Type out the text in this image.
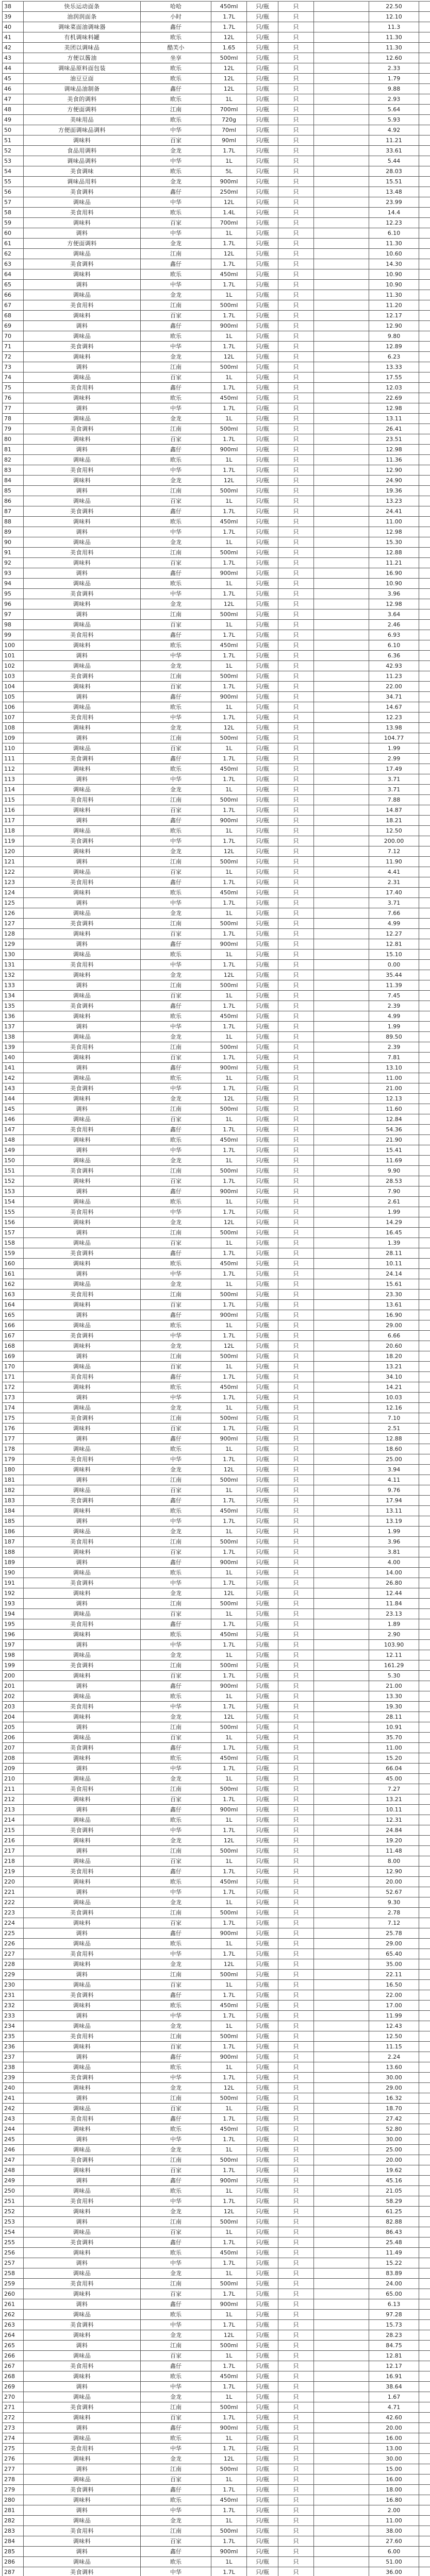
38	快乐运动面条	哈哈	450ml	只/瓶	只		22.50	
39	油润润面条	小时	1.7L	只/瓶	只		12.10	
40	调味菜面油调味器	鑫仔	1.7L	只/瓶	只		11.3	
41	有机调味料罐	欧乐	12L	只/瓶	只		11.30	
42	美团以调味品	酷芙小	1.65	只/瓶	只		11.30	
43	方便以酱油	坐享	500ml	只/瓶	只		12.60	
44	调味品原料面包装	欧乐	12L	只/瓶	只		2.33	
45	油豆豆面	欧乐	12L	只/瓶	只		1.79	
46	调味品油制备	鑫仔	12L	只/瓶	只		9.88	
47	美食的调料	欧乐	1L	只/瓶	只		2.93	
48	方便面调料	江南	700ml	只/瓶	只		5.64	
49	美味用品	欧乐	720g	只/瓶	只		5.93	
50	方便面调味品调料	中华	70ml	只/瓶	只		4.92	
51	调味料	百家	90ml	只/瓶	只		11.21	
52	食品用调料	金龙	1.7L	只/瓶	只		33.61	
53	调味品调料	中华	1L	只/瓶	只		5.44	
54	美食调味	欧乐	5L	只/瓶	只		28.03	
55	调味品用料	金龙	900ml	只/瓶	只		15.51	
56	美食调料	鑫仔	250ml	只/瓶	只		13.48	
57	调味品	中华	12L	只/瓶	只		23.99	
58	美食用料	欧乐	1.4L	只/瓶	只		14.4	
59	调味料	百家	700ml	只/瓶	只		12.23	
60	调料	中华	1L	只/瓶	只		6.10	
61	方便面调料	金龙	1.7L	只/瓶	只		11.30	
62	调味品	江南	12L	只/瓶	只		10.60	
63	美食调料	鑫仔	1.7L	只/瓶	只		14.30	
64	调味料	欧乐	450ml	只/瓶	只		10.90	
65	调料	中华	1.7L	只/瓶	只		10.90	
66	调味品	金龙	1L	只/瓶	只		11.30	
67	美食用料	江南	500ml	只/瓶	只		11.20	
68	调味料	百家	1.7L	只/瓶	只		12.17	
69	调料	鑫仔	900ml	只/瓶	只		12.90	
70	调味品	欧乐	1L	只/瓶	只		9.80	
71	美食调料	中华	1.7L	只/瓶	只		12.89	
72	调味料	金龙	12L	只/瓶	只		6.23	
73	调料	江南	500ml	只/瓶	只		13.33	
74	调味品	百家	1L	只/瓶	只		17.55	
75	美食用料	鑫仔	1.7L	只/瓶	只		12.03	
76	调味料	欧乐	450ml	只/瓶	只		22.69	
77	调料	中华	1.7L	只/瓶	只		12.98	
78	调味品	金龙	1L	只/瓶	只		13.11	
79	美食调料	江南	500ml	只/瓶	只		26.41	
80	调味料	百家	1.7L	只/瓶	只		23.51	
81	调料	鑫仔	900ml	只/瓶	只		12.98	
82	调味品	欧乐	1L	只/瓶	只		11.36	
83	美食用料	中华	1.7L	只/瓶	只		12.90	
84	调味料	金龙	12L	只/瓶	只		24.90	
85	调料	江南	500ml	只/瓶	只		19.36	
86	调味品	百家	1L	只/瓶	只		13.23	
87	美食调料	鑫仔	1.7L	只/瓶	只		24.41	
88	调味料	欧乐	450ml	只/瓶	只		11.00	
89	调料	中华	1.7L	只/瓶	只		12.98	
90	调味品	金龙	1L	只/瓶	只		15.30	
91	美食用料	江南	500ml	只/瓶	只		12.88	
92	调味料	百家	1.7L	只/瓶	只		11.21	
93	调料	鑫仔	900ml	只/瓶	只		16.90	
94	调味品	欧乐	1L	只/瓶	只		10.90	
95	美食调料	中华	1.7L	只/瓶	只		3.96	
96	调味料	金龙	12L	只/瓶	只		12.98	
97	调料	江南	500ml	只/瓶	只		3.64	
98	调味品	百家	1L	只/瓶	只		2.46	
99	美食用料	鑫仔	1.7L	只/瓶	只		6.93	
100	调味料	欧乐	450ml	只/瓶	只		6.10	
101	调料	中华	1.7L	只/瓶	只		6.36	
102	调味品	金龙	1L	只/瓶	只		42.93	
103	美食调料	江南	500ml	只/瓶	只		11.23	
104	调味料	百家	1.7L	只/瓶	只		22.00	
105	调料	鑫仔	900ml	只/瓶	只		34.71	
106	调味品	欧乐	1L	只/瓶	只		14.67	
107	美食用料	中华	1.7L	只/瓶	只		12.23	
108	调味料	金龙	12L	只/瓶	只		13.98	
109	调料	江南	500ml	只/瓶	只		104.77	
110	调味品	百家	1L	只/瓶	只		1.99	
111	美食调料	鑫仔	1.7L	只/瓶	只		2.99	
112	调味料	欧乐	450ml	只/瓶	只		17.49	
113	调料	中华	1.7L	只/瓶	只		3.71	
114	调味品	金龙	1L	只/瓶	只		3.71	
115	美食用料	江南	500ml	只/瓶	只		7.88	
116	调味料	百家	1.7L	只/瓶	只		14.87	
117	调料	鑫仔	900ml	只/瓶	只		18.21	
118	调味品	欧乐	1L	只/瓶	只		12.50	
119	美食调料	中华	1.7L	只/瓶	只		200.00	
120	调味料	金龙	12L	只/瓶	只		7.12	
121	调料	江南	500ml	只/瓶	只		11.90	
122	调味品	百家	1L	只/瓶	只		4.41	
123	美食用料	鑫仔	1.7L	只/瓶	只		2.31	
124	调味料	欧乐	450ml	只/瓶	只		17.40	
125	调料	中华	1.7L	只/瓶	只		3.71	
126	调味品	金龙	1L	只/瓶	只		7.66	
127	美食调料	江南	500ml	只/瓶	只		4.99	
128	调味料	百家	1.7L	只/瓶	只		12.27	
129	调料	鑫仔	900ml	只/瓶	只		12.81	
130	调味品	欧乐	1L	只/瓶	只		15.10	
131	美食用料	中华	1.7L	只/瓶	只		0.00	
132	调味料	金龙	12L	只/瓶	只		35.44	
133	调料	江南	500ml	只/瓶	只		11.39	
134	调味品	百家	1L	只/瓶	只		7.45	
135	美食调料	鑫仔	1.7L	只/瓶	只		2.39	
136	调味料	欧乐	450ml	只/瓶	只		4.99	
137	调料	中华	1.7L	只/瓶	只		1.99	
138	调味品	金龙	1L	只/瓶	只		89.50	
139	美食用料	江南	500ml	只/瓶	只		2.39	
140	调味料	百家	1.7L	只/瓶	只		7.81	
141	调料	鑫仔	900ml	只/瓶	只		13.10	
142	调味品	欧乐	1L	只/瓶	只		11.00	
143	美食调料	中华	1.7L	只/瓶	只		21.00	
144	调味料	金龙	12L	只/瓶	只		12.13	
145	调料	江南	500ml	只/瓶	只		11.60	
146	调味品	百家	1L	只/瓶	只		12.84	
147	美食用料	鑫仔	1.7L	只/瓶	只		54.36	
148	调味料	欧乐	450ml	只/瓶	只		21.90	
149	调料	中华	1.7L	只/瓶	只		15.41	
150	调味品	金龙	1L	只/瓶	只		11.69	
151	美食调料	江南	500ml	只/瓶	只		9.90	
152	调味料	百家	1.7L	只/瓶	只		28.53	
153	调料	鑫仔	900ml	只/瓶	只		7.90	
154	调味品	欧乐	1L	只/瓶	只		2.61	
155	美食用料	中华	1.7L	只/瓶	只		1.99	
156	调味料	金龙	12L	只/瓶	只		14.29	
157	调料	江南	500ml	只/瓶	只		16.45	
158	调味品	百家	1L	只/瓶	只		1.39	
159	美食调料	鑫仔	1.7L	只/瓶	只		28.11	
160	调味料	欧乐	450ml	只/瓶	只		10.11	
161	调料	中华	1.7L	只/瓶	只		24.14	
162	调味品	金龙	1L	只/瓶	只		15.61	
163	美食用料	江南	500ml	只/瓶	只		23.30	
164	调味料	百家	1.7L	只/瓶	只		13.61	
165	调料	鑫仔	900ml	只/瓶	只		16.90	
166	调味品	欧乐	1L	只/瓶	只		29.00	
167	美食调料	中华	1.7L	只/瓶	只		6.66	
168	调味料	金龙	12L	只/瓶	只		20.60	
169	调料	江南	500ml	只/瓶	只		18.20	
170	调味品	百家	1L	只/瓶	只		13.21	
171	美食用料	鑫仔	1.7L	只/瓶	只		34.10	
172	调味料	欧乐	450ml	只/瓶	只		14.21	
173	调料	中华	1.7L	只/瓶	只		10.03	
174	调味品	金龙	1L	只/瓶	只		12.16	
175	美食调料	江南	500ml	只/瓶	只		7.10	
176	调味料	百家	1.7L	只/瓶	只		2.51	
177	调料	鑫仔	900ml	只/瓶	只		12.88	
178	调味品	欧乐	1L	只/瓶	只		18.60	
179	美食用料	中华	1.7L	只/瓶	只		25.00	
180	调味料	金龙	12L	只/瓶	只		3.94	
181	调料	江南	500ml	只/瓶	只		4.11	
182	调味品	百家	1L	只/瓶	只		9.76	
183	美食调料	鑫仔	1.7L	只/瓶	只		17.94	
184	调味料	欧乐	450ml	只/瓶	只		13.11	
185	调料	中华	1.7L	只/瓶	只		13.19	
186	调味品	金龙	1L	只/瓶	只		1.99	
187	美食用料	江南	500ml	只/瓶	只		3.96	
188	调味料	百家	1.7L	只/瓶	只		3.81	
189	调料	鑫仔	900ml	只/瓶	只		4.00	
190	调味品	欧乐	1L	只/瓶	只		14.00	
191	美食调料	中华	1.7L	只/瓶	只		26.80	
192	调味料	金龙	12L	只/瓶	只		12.44	
193	调料	江南	500ml	只/瓶	只		11.84	
194	调味品	百家	1L	只/瓶	只		23.13	
195	美食用料	鑫仔	1.7L	只/瓶	只		1.89	
196	调味料	欧乐	450ml	只/瓶	只		2.90	
197	调料	中华	1.7L	只/瓶	只		103.90	
198	调味品	金龙	1L	只/瓶	只		12.11	
199	美食调料	江南	500ml	只/瓶	只		161.29	
200	调味料	百家	1.7L	只/瓶	只		5.30	
201	调料	鑫仔	900ml	只/瓶	只		21.00	
202	调味品	欧乐	1L	只/瓶	只		13.30	
203	美食用料	中华	1.7L	只/瓶	只		19.30	
204	调味料	金龙	12L	只/瓶	只		28.11	
205	调料	江南	500ml	只/瓶	只		10.91	
206	调味品	百家	1L	只/瓶	只		35.70	
207	美食调料	鑫仔	1.7L	只/瓶	只		11.00	
208	调味料	欧乐	450ml	只/瓶	只		15.20	
209	调料	中华	1.7L	只/瓶	只		66.04	
210	调味品	金龙	1L	只/瓶	只		45.00	
211	美食用料	江南	500ml	只/瓶	只		7.27	
212	调味料	百家	1.7L	只/瓶	只		13.21	
213	调料	鑫仔	900ml	只/瓶	只		10.11	
214	调味品	欧乐	1L	只/瓶	只		12.31	
215	美食调料	中华	1.7L	只/瓶	只		24.84	
216	调味料	金龙	12L	只/瓶	只		19.20	
217	调料	江南	500ml	只/瓶	只		11.48	
218	调味品	百家	1L	只/瓶	只		8.00	
219	美食用料	鑫仔	1.7L	只/瓶	只		12.90	
220	调味料	欧乐	450ml	只/瓶	只		20.00	
221	调料	中华	1.7L	只/瓶	只		52.67	
222	调味品	金龙	1L	只/瓶	只		9.30	
223	美食调料	江南	500ml	只/瓶	只		2.78	
224	调味料	百家	1.7L	只/瓶	只		7.12	
225	调料	鑫仔	900ml	只/瓶	只		25.78	
226	调味品	欧乐	1L	只/瓶	只		29.00	
227	美食用料	中华	1.7L	只/瓶	只		65.40	
228	调味料	金龙	12L	只/瓶	只		35.00	
229	调料	江南	500ml	只/瓶	只		22.11	
230	调味品	百家	1L	只/瓶	只		16.50	
231	美食调料	鑫仔	1.7L	只/瓶	只		22.00	
232	调味料	欧乐	450ml	只/瓶	只		17.00	
233	调料	中华	1.7L	只/瓶	只		11.99	
234	调味品	金龙	1L	只/瓶	只		12.43	
235	美食用料	江南	500ml	只/瓶	只		12.50	
236	调味料	百家	1.7L	只/瓶	只		11.15	
237	调料	鑫仔	900ml	只/瓶	只		2.24	
238	调味品	欧乐	1L	只/瓶	只		13.60	
239	美食调料	中华	1.7L	只/瓶	只		30.00	
240	调味料	金龙	12L	只/瓶	只		29.00	
241	调料	江南	500ml	只/瓶	只		16.32	
242	调味品	百家	1L	只/瓶	只		18.70	
243	美食用料	鑫仔	1.7L	只/瓶	只		27.42	
244	调味料	欧乐	450ml	只/瓶	只		52.80	
245	调料	中华	1.7L	只/瓶	只		30.00	
246	调味品	金龙	1L	只/瓶	只		25.00	
247	美食调料	江南	500ml	只/瓶	只		20.00	
248	调味料	百家	1.7L	只/瓶	只		19.62	
249	调料	鑫仔	900ml	只/瓶	只		45.16	
250	调味品	欧乐	1L	只/瓶	只		21.05	
251	美食用料	中华	1.7L	只/瓶	只		58.29	
252	调味料	金龙	12L	只/瓶	只		61.25	
253	调料	江南	500ml	只/瓶	只		82.88	
254	调味品	百家	1L	只/瓶	只		86.43	
255	美食调料	鑫仔	1.7L	只/瓶	只		25.48	
256	调味料	欧乐	450ml	只/瓶	只		11.49	
257	调料	中华	1.7L	只/瓶	只		15.22	
258	调味品	金龙	1L	只/瓶	只		83.89	
259	美食用料	江南	500ml	只/瓶	只		24.00	
260	调味料	百家	1.7L	只/瓶	只		65.00	
261	调料	鑫仔	900ml	只/瓶	只		6.13	
262	调味品	欧乐	1L	只/瓶	只		97.28	
263	美食调料	中华	1.7L	只/瓶	只		15.73	
264	调味料	金龙	12L	只/瓶	只		28.23	
265	调料	江南	500ml	只/瓶	只		84.75	
266	调味品	百家	1L	只/瓶	只		12.81	
267	美食用料	鑫仔	1.7L	只/瓶	只		12.17	
268	调味料	欧乐	450ml	只/瓶	只		16.91	
269	调料	中华	1.7L	只/瓶	只		38.64	
270	调味品	金龙	1L	只/瓶	只		1.67	
271	美食调料	江南	500ml	只/瓶	只		4.71	
272	调味料	百家	1.7L	只/瓶	只		42.60	
273	调料	鑫仔	900ml	只/瓶	只		20.00	
274	调味品	欧乐	1L	只/瓶	只		16.00	
275	美食用料	中华	1.7L	只/瓶	只		13.00	
276	调味料	金龙	12L	只/瓶	只		30.00	
277	调料	江南	500ml	只/瓶	只		15.00	
278	调味品	百家	1L	只/瓶	只		16.00	
279	美食调料	鑫仔	1.7L	只/瓶	只		18.00	
280	调味料	欧乐	450ml	只/瓶	只		16.80	
281	调料	中华	1.7L	只/瓶	只		2.00	
282	调味品	金龙	1L	只/瓶	只		11.00	
283	美食用料	江南	500ml	只/瓶	只		38.00	
284	调味料	百家	1.7L	只/瓶	只		27.60	
285	调料	鑫仔	900ml	只/瓶	只		6.00	
286	调味品	欧乐	1L	只/瓶	只		51.00	
287	美食调料	中华	1.7L	只/瓶	只		36.00	
